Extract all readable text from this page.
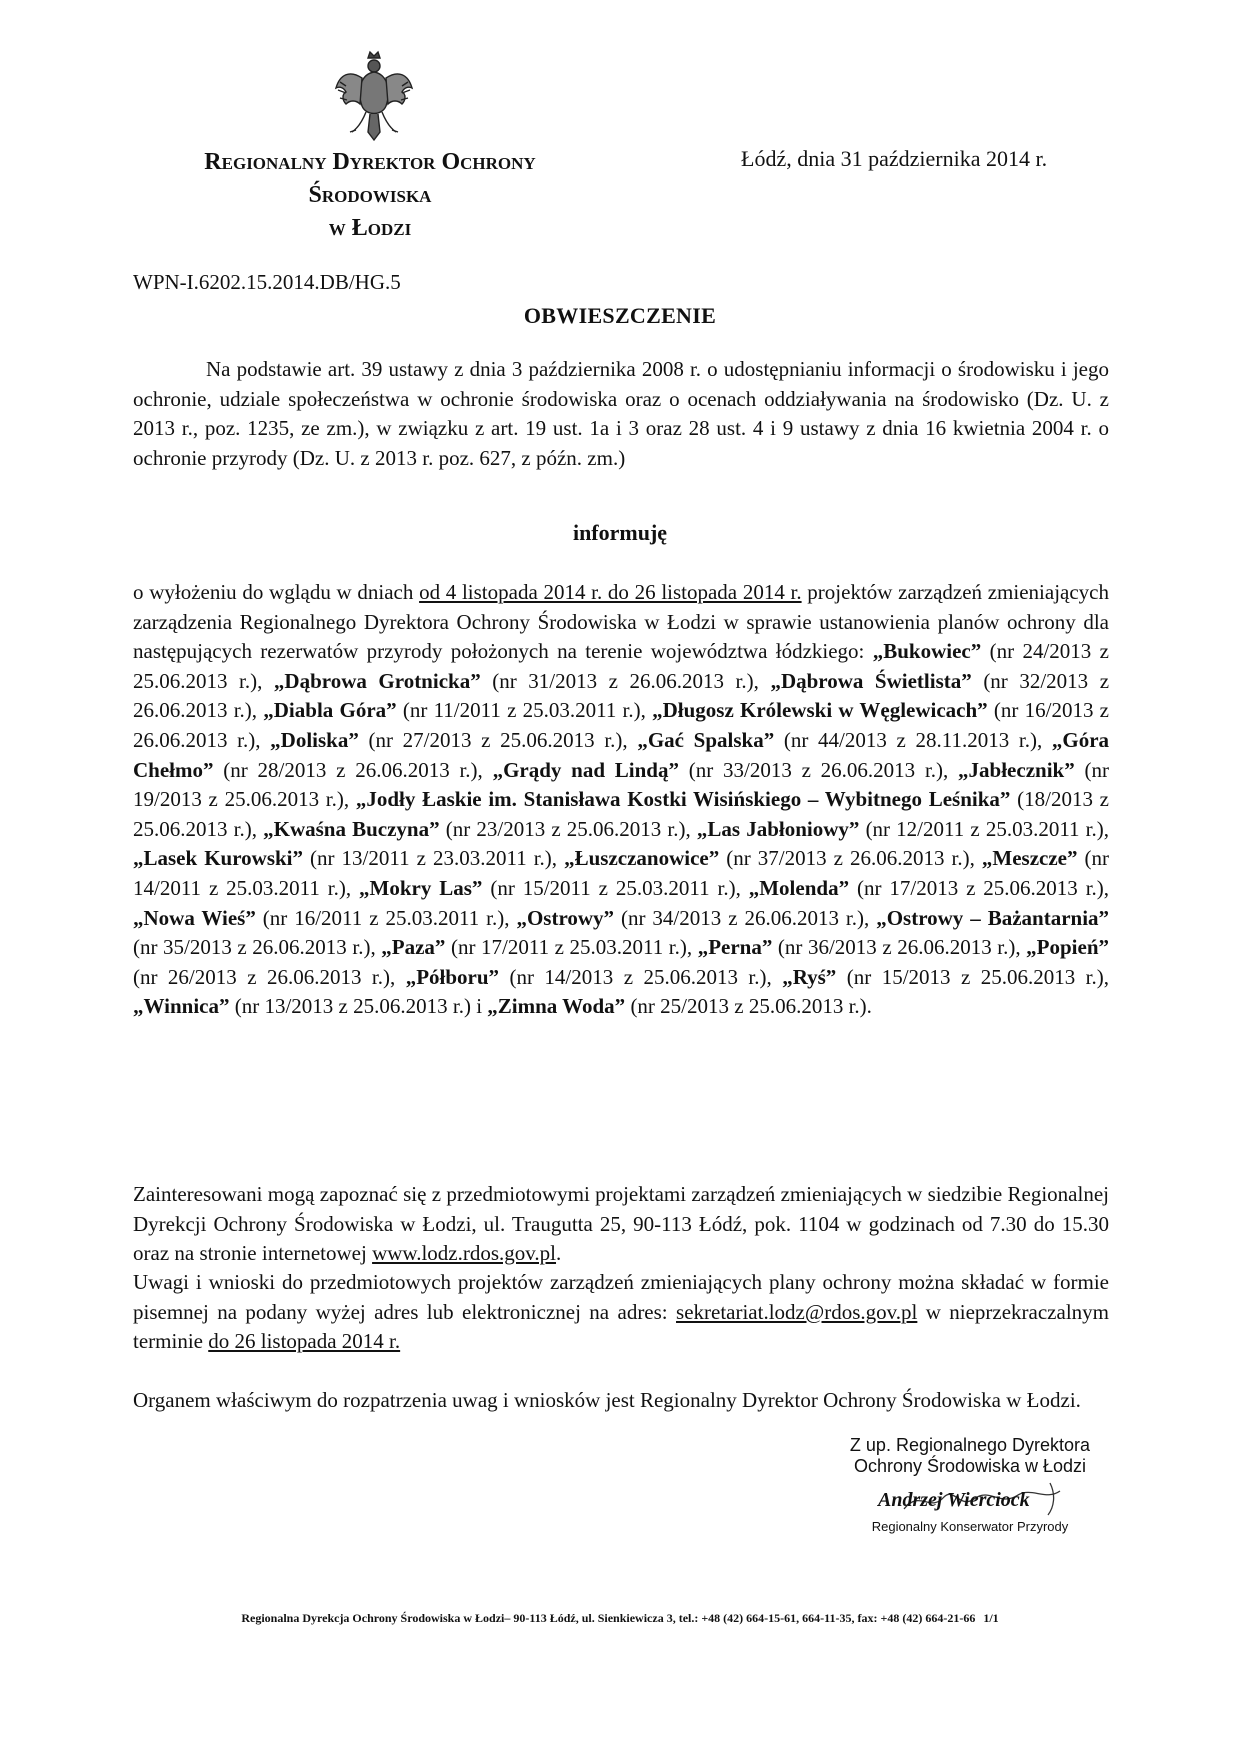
Regionalny Dyrektor Ochrony
Środowiska
w Łodzi
Łódź, dnia 31 października 2014 r.
WPN-I.6202.15.2014.DB/HG.5
OBWIESZCZENIE

Na podstawie art. 39 ustawy z dnia 3 października 2008 r. o udostępnianiu informacji o środowisku i jego ochronie, udziale społeczeństwa w ochronie środowiska oraz o ocenach oddziaływania na środowisko (Dz. U. z 2013 r., poz. 1235, ze zm.), w związku z art. 19 ust. 1a i 3 oraz 28 ust. 4 i 9 ustawy z dnia 16 kwietnia 2004 r. o ochronie przyrody (Dz. U. z 2013 r. poz. 627, z późn. zm.)

informuję

o wyłożeniu do wglądu w dniach od 4 listopada 2014 r. do 26 listopada 2014 r. projektów zarządzeń zmieniających zarządzenia Regionalnego Dyrektora Ochrony Środowiska w Łodzi w sprawie ustanowienia planów ochrony dla następujących rezerwatów przyrody położonych na terenie województwa łódzkiego: „Bukowiec” (nr 24/2013 z 25.06.2013 r.), „Dąbrowa Grotnicka” (nr 31/2013 z 26.06.2013 r.), „Dąbrowa Świetlista” (nr 32/2013 z 26.06.2013 r.), „Diabla Góra” (nr 11/2011 z 25.03.2011 r.), „Długosz Królewski w Węglewicach” (nr 16/2013 z 26.06.2013 r.), „Doliska” (nr 27/2013 z 25.06.2013 r.), „Gać Spalska” (nr 44/2013 z 28.11.2013 r.), „Góra Chełmo” (nr 28/2013 z 26.06.2013 r.), „Grądy nad Lindą” (nr 33/2013 z 26.06.2013 r.), „Jabłecznik” (nr 19/2013 z 25.06.2013 r.), „Jodły Łaskie im. Stanisława Kostki Wisińskiego – Wybitnego Leśnika” (18/2013 z 25.06.2013 r.), „Kwaśna Buczyna” (nr 23/2013 z 25.06.2013 r.), „Las Jabłoniowy” (nr 12/2011 z 25.03.2011 r.), „Lasek Kurowski” (nr 13/2011 z 23.03.2011 r.), „Łuszczanowice” (nr 37/2013 z 26.06.2013 r.), „Meszcze” (nr 14/2011 z 25.03.2011 r.), „Mokry Las” (nr 15/2011 z 25.03.2011 r.), „Molenda” (nr 17/2013 z 25.06.2013 r.), „Nowa Wieś” (nr 16/2011 z 25.03.2011 r.), „Ostrowy” (nr 34/2013 z 26.06.2013 r.), „Ostrowy – Bażantarnia” (nr 35/2013 z 26.06.2013 r.), „Paza” (nr 17/2011 z 25.03.2011 r.), „Perna” (nr 36/2013 z 26.06.2013 r.), „Popień” (nr 26/2013 z 26.06.2013 r.), „Półboru” (nr 14/2013 z 25.06.2013 r.), „Ryś” (nr 15/2013 z 25.06.2013 r.), „Winnica” (nr 13/2013 z 25.06.2013 r.) i „Zimna Woda” (nr 25/2013 z 25.06.2013 r.).

Zainteresowani mogą zapoznać się z przedmiotowymi projektami zarządzeń zmieniających w siedzibie Regionalnej Dyrekcji Ochrony Środowiska w Łodzi, ul. Traugutta 25, 90-113 Łódź, pok. 1104 w godzinach od 7.30 do 15.30 oraz na stronie internetowej www.lodz.rdos.gov.pl.

Uwagi i wnioski do przedmiotowych projektów zarządzeń zmieniających plany ochrony można składać w formie pisemnej na podany wyżej adres lub elektronicznej na adres: sekretariat.lodz@rdos.gov.pl w nieprzekraczalnym terminie do 26 listopada 2014 r.

Organem właściwym do rozpatrzenia uwag i wniosków jest Regionalny Dyrektor Ochrony Środowiska w Łodzi.

Z up. Regionalnego Dyrektora
Ochrony Środowiska w Łodzi
Andrzej Wierciock
Regionalny Konserwator Przyrody
Regionalna Dyrekcja Ochrony Środowiska w Łodzi– 90-113 Łódź, ul. Sienkiewicza 3, tel.: +48 (42) 664-15-61, 664-11-35, fax: +48 (42) 664-21-66 1/1
